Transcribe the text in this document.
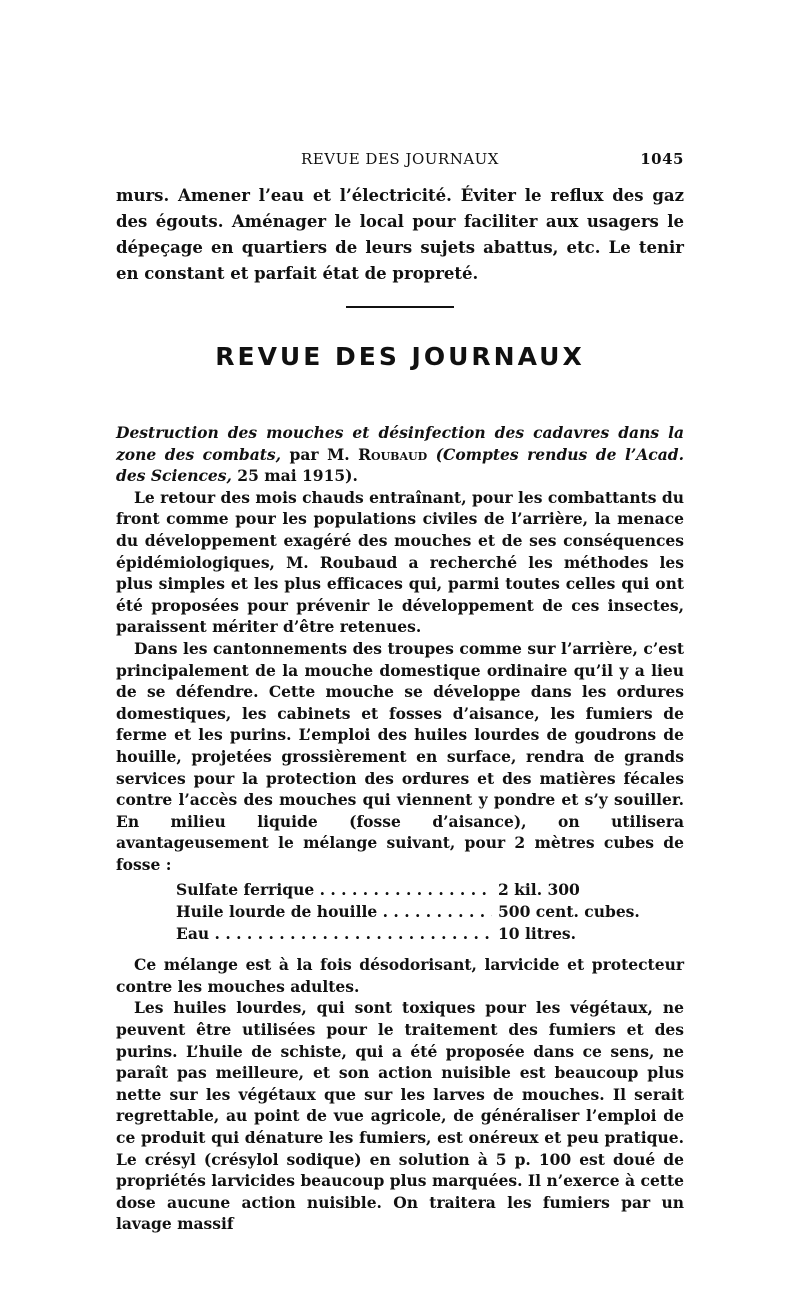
REVUE DES JOURNAUX	1045

murs. Amener l’eau et l’électricité. Éviter le reflux des gaz des égouts. Aménager le local pour faciliter aux usagers le dépeçage en quartiers de leurs sujets abattus, etc. Le tenir en constant et parfait état de propreté.

REVUE DES JOURNAUX

Destruction des mouches et désinfection des cadavres dans la zone des combats, par M. Roubaud (Comptes rendus de l’Acad. des Sciences, 25 mai 1915).

Le retour des mois chauds entraînant, pour les combattants du front comme pour les populations civiles de l’arrière, la menace du développement exagéré des mouches et de ses conséquences épidémiologiques, M. Roubaud a recherché les méthodes les plus simples et les plus efficaces qui, parmi toutes celles qui ont été proposées pour prévenir le développement de ces insectes, paraissent mériter d’être retenues.

Dans les cantonnements des troupes comme sur l’arrière, c’est principalement de la mouche domestique ordinaire qu’il y a lieu de se défendre. Cette mouche se développe dans les ordures domestiques, les cabinets et fosses d’aisance, les fumiers de ferme et les purins. L’emploi des huiles lourdes de goudrons de houille, projetées grossièrement en surface, rendra de grands services pour la protection des ordures et des matières fécales contre l’accès des mouches qui viennent y pondre et s’y souiller. En milieu liquide (fosse d’aisance), on utilisera avantageusement le mélange suivant, pour 2 mètres cubes de fosse :

Sulfate ferrique . . .	2 kil. 300
Huile lourde de houille . . .	500 cent. cubes.
Eau . . .	10 litres.

Ce mélange est à la fois désodorisant, larvicide et protecteur contre les mouches adultes.

Les huiles lourdes, qui sont toxiques pour les végétaux, ne peuvent être utilisées pour le traitement des fumiers et des purins. L’huile de schiste, qui a été proposée dans ce sens, ne paraît pas meilleure, et son action nuisible est beaucoup plus nette sur les végétaux que sur les larves de mouches. Il serait regrettable, au point de vue agricole, de généraliser l’emploi de ce produit qui dénature les fumiers, est onéreux et peu pratique. Le crésyl (crésylol sodique) en solution à 5 p. 100 est doué de propriétés larvicides beaucoup plus marquées. Il n’exerce à cette dose aucune action nuisible. On traitera les fumiers par un lavage massif
